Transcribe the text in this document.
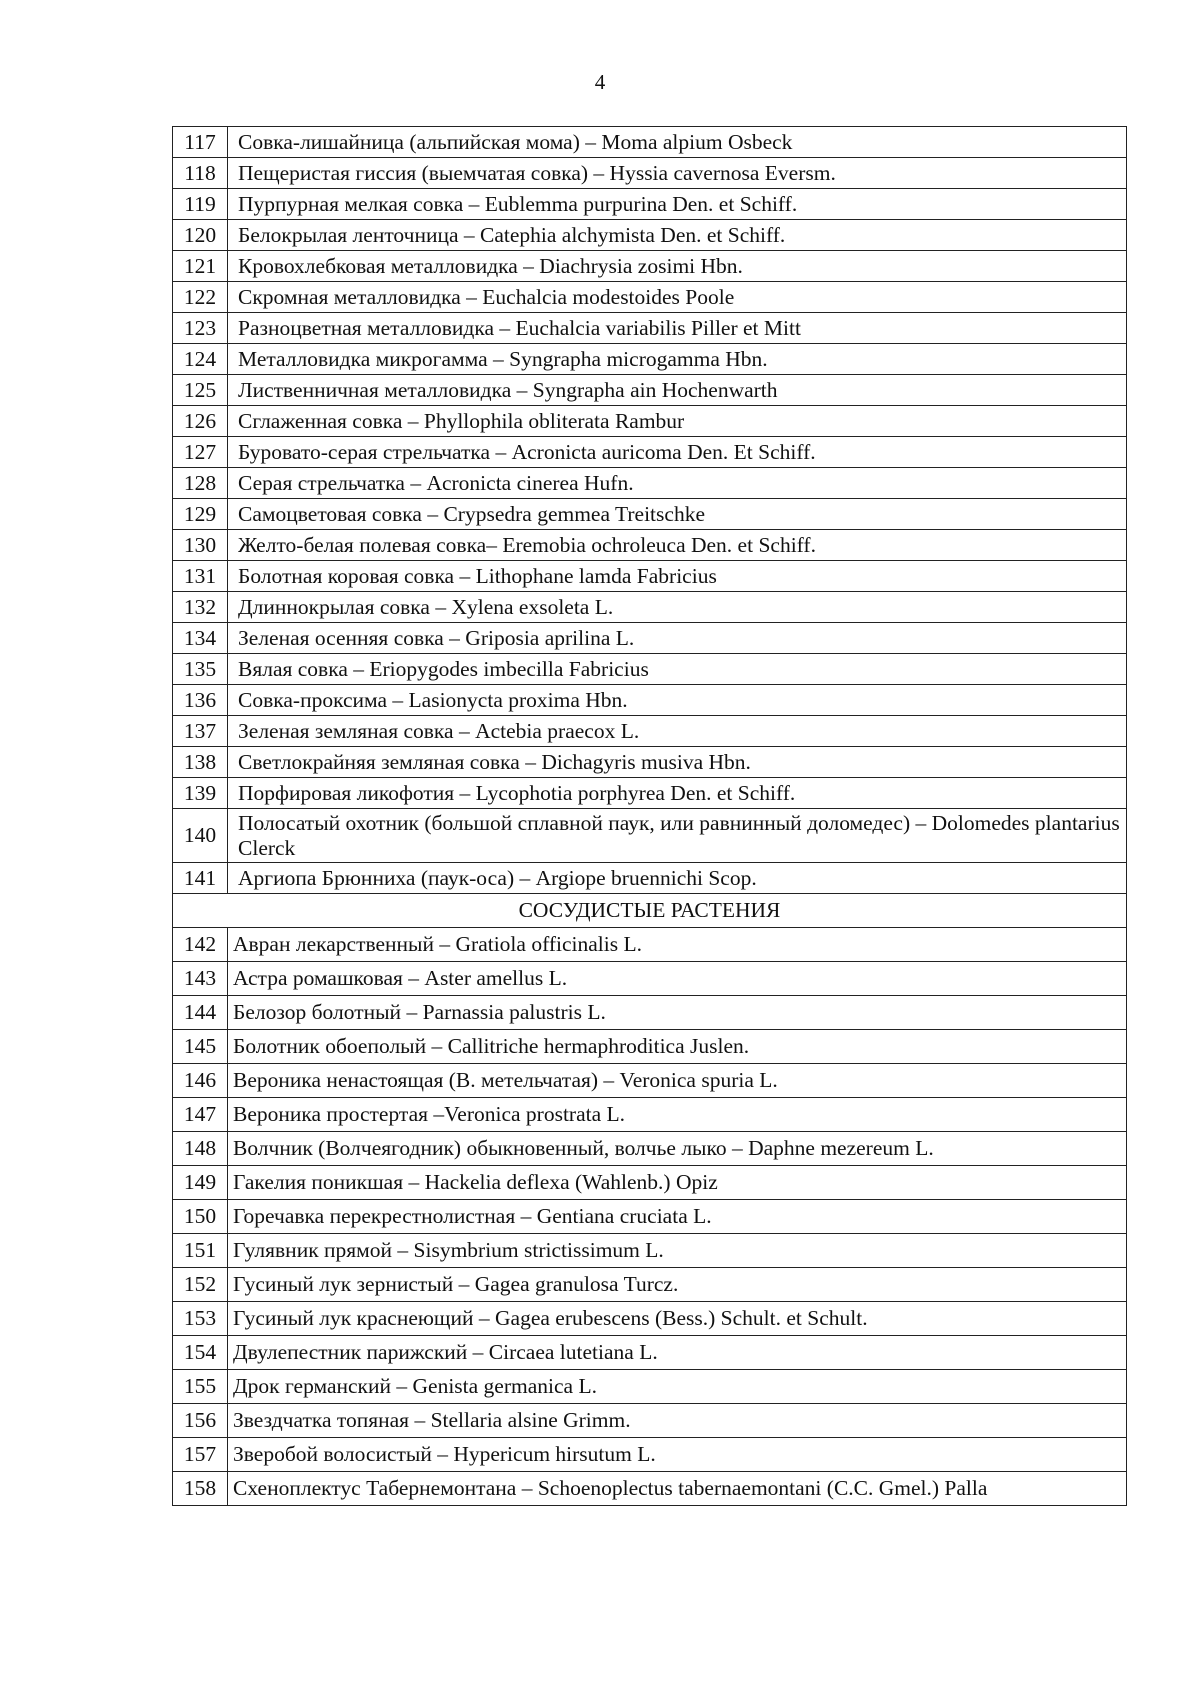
4
117	Совка-лишайница (альпийская мома) – Moma alpium Osbeck
118	Пещеристая гиссия (выемчатая совка) – Hyssia cavernosa Eversm.
119	Пурпурная мелкая совка – Eublemma purpurina Den. et Schiff.
120	Белокрылая ленточница – Catephia alchymista Den. et Schiff.
121	Кровохлебковая металловидка – Diachrysia zosimi Hbn.
122	Скромная металловидка – Euchalcia modestoides Poole
123	Разноцветная металловидка – Euchalcia variabilis Piller et Mitt
124	Металловидка микрогамма – Syngrapha microgamma Hbn.
125	Лиственничная металловидка – Syngrapha ain Hochenwarth
126	Сглаженная совка – Phyllophila obliterata Rambur
127	Буровато-серая стрельчатка – Acronicta auricoma Den. Et Schiff.
128	Серая стрельчатка – Acronicta cinerea Hufn.
129	Самоцветовая совка – Crypsedra gemmea Treitschke
130	Желто-белая полевая совка– Eremobia ochroleuca Den. et Schiff.
131	Болотная коровая совка – Lithophane lamda Fabricius
132	Длиннокрылая совка – Xylena exsoleta L.
134	Зеленая осенняя совка – Griposia aprilina L.
135	Вялая совка – Eriopygodes imbecilla Fabricius
136	Совка-проксима – Lasionycta proxima Hbn.
137	Зеленая земляная совка – Actebia praecox L.
138	Светлокрайняя земляная совка – Dichagyris musiva Hbn.
139	Порфировая ликофотия – Lycophotia porphyrea Den. et Schiff.
140	Полосатый охотник (большой сплавной паук, или равнинный доломедес) – Dolomedes plantarius Clerck
141	Аргиопа Брюнниха (паук-оса) – Argiope bruennichi Scop.
СОСУДИСТЫЕ РАСТЕНИЯ	
142	Авран лекарственный – Gratiola officinalis L.
143	Астра ромашковая – Aster amellus L.
144	Белозор болотный – Parnassia palustris L.
145	Болотник обоеполый – Callitriche hermaphroditica Juslen.
146	Вероника ненастоящая (В. метельчатая) – Veronica spuria L.
147	Вероника простертая –Veronica prostrata L.
148	Волчник (Волчеягодник) обыкновенный, волчье лыко – Daphne mezereum L.
149	Гакелия поникшая – Hackelia deflexa (Wahlenb.) Opiz
150	Горечавка перекрестнолистная – Gentiana cruciata L.
151	Гулявник прямой – Sisymbrium strictissimum L.
152	Гусиный лук зернистый – Gagea granulosa Turcz.
153	Гусиный лук краснеющий – Gagea erubescens (Bess.) Schult. et Schult.
154	Двулепестник парижский – Circaea lutetiana L.
155	Дрок германский – Genista germanica L.
156	Звездчатка топяная – Stellaria alsine Grimm.
157	Зверобой волосистый – Hypericum hirsutum L.
158	Схеноплектус Табернемонтана – Schoenoplectus tabernaemontani (C.C. Gmel.) Palla
